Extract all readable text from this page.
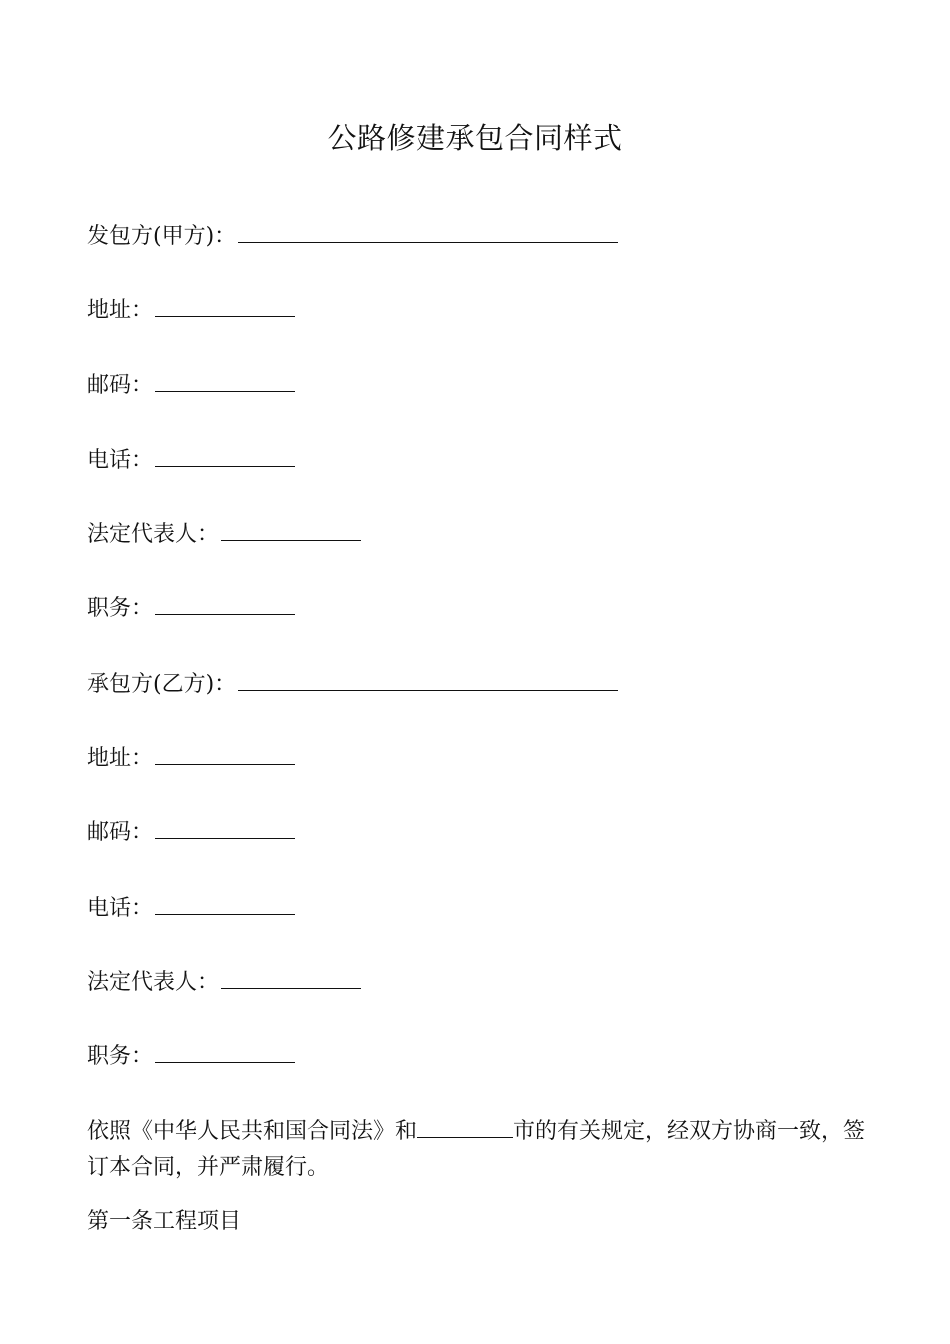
公路修建承包合同样式
发包方(甲方)：
地址：
邮码：
电话：
法定代表人：
职务：
承包方(乙方)：
地址：
邮码：
电话：
法定代表人：
职务：
依照《中华人民共和国合同法》和	市的有关规定，经双方协商一致，签订本合同，并严肃履行。
第一条工程项目
